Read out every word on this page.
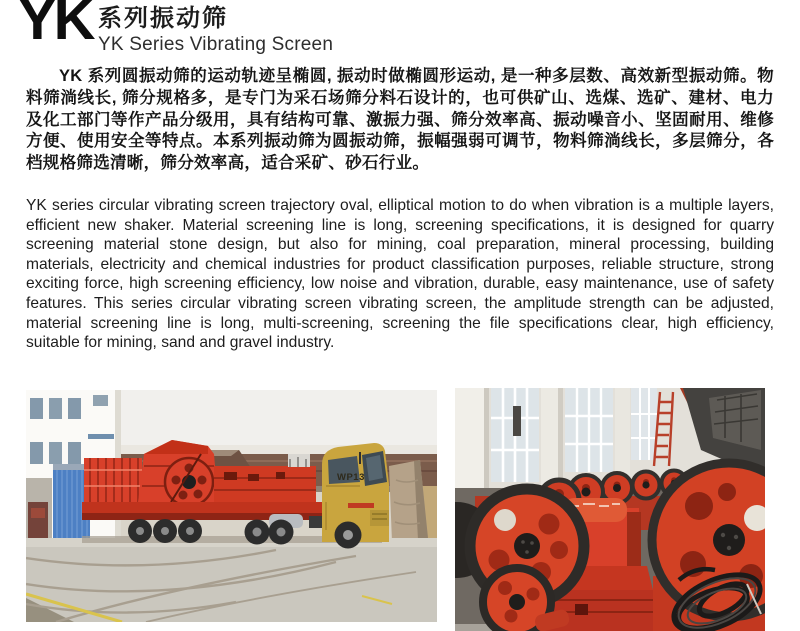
YK 系列振动筛
YK Series Vibrating Screen

YK 系列圆振动筛的运动轨迹呈椭圆, 振动时做椭圆形运动, 是一种多层数、高效新型振动筛。物料筛淌线长, 筛分规格多，是专门为采石场筛分料石设计的，也可供矿山、选煤、选矿、建材、电力及化工部门等作产品分级用，具有结构可靠、激振力强、筛分效率高、振动噪音小、坚固耐用、维修方便、使用安全等特点。本系列振动筛为圆振动筛，振幅强弱可调节，物料筛淌线长，多层筛分，各档规格筛选清晰，筛分效率高，适合采矿、砂石行业。

YK series circular vibrating screen trajectory oval, elliptical motion to do when vibration is a multiple layers, efficient new shaker. Material screening line is long, screening specifications, it is designed for quarry screening material stone design, but also for mining, coal preparation, mineral processing, building materials, electricity and chemical industries for product classification purposes, reliable structure, strong exciting force, high screening efficiency, low noise and vibration, durable, easy maintenance, use of safety features. This series circular vibrating screen vibrating screen, the amplitude strength can be adjusted, material screening line is long, multi-screening, screening the file specifications clear, high efficiency, suitable for mining, sand and gravel industry.

WP13
